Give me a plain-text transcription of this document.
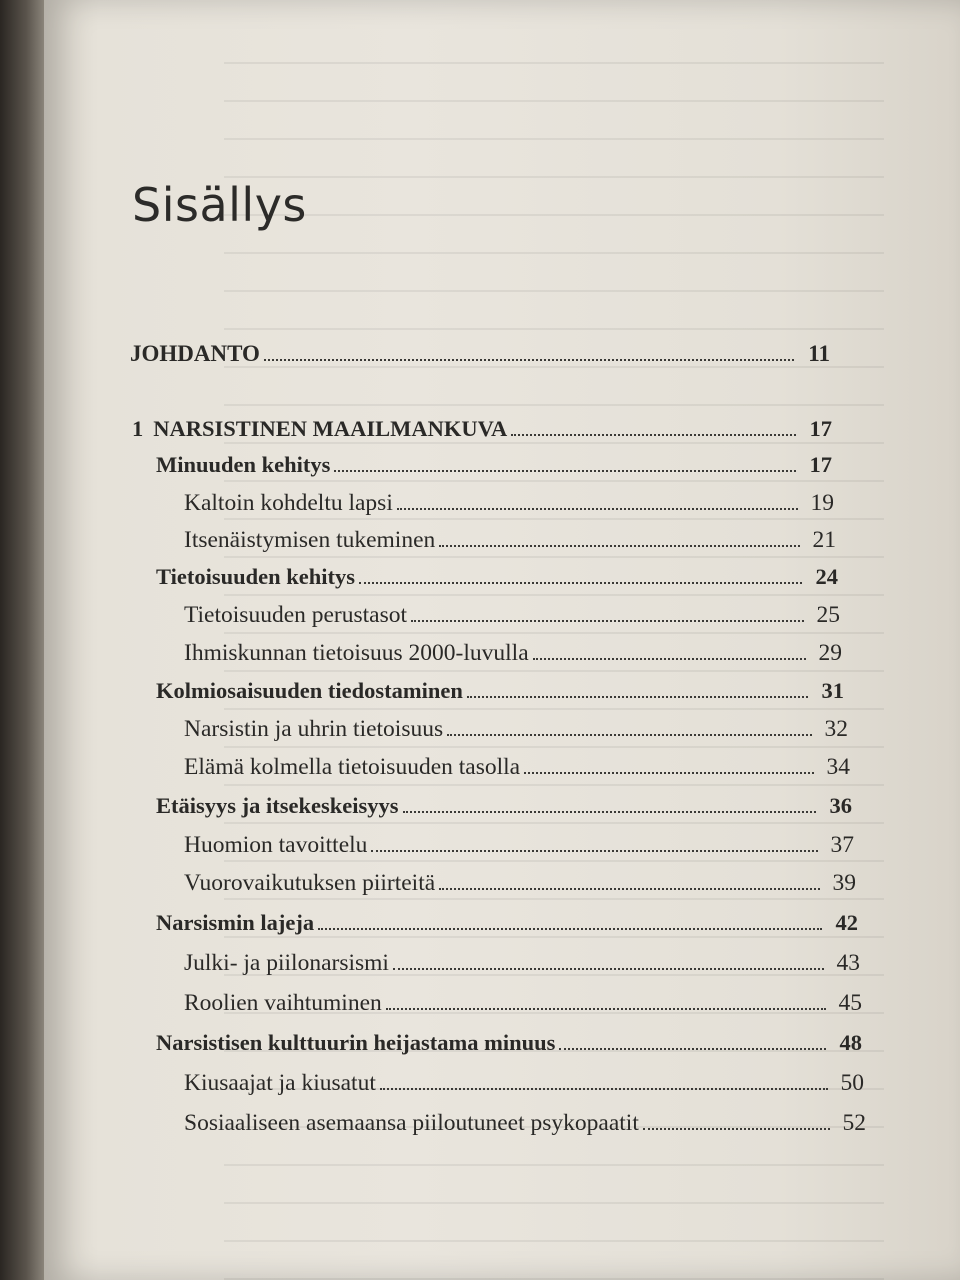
Sisällys
JOHDANTO	11
1 NARSISTINEN MAAILMANKUVA	17
Minuuden kehitys	17
Kaltoin kohdeltu lapsi	19
Itsenäistymisen tukeminen	21
Tietoisuuden kehitys	24
Tietoisuuden perustasot	25
Ihmiskunnan tietoisuus 2000-luvulla	29
Kolmiosaisuuden tiedostaminen	31
Narsistin ja uhrin tietoisuus	32
Elämä kolmella tietoisuuden tasolla	34
Etäisyys ja itsekeskeisyys	36
Huomion tavoittelu	37
Vuorovaikutuksen piirteitä	39
Narsismin lajeja	42
Julki- ja piilonarsismi	43
Roolien vaihtuminen	45
Narsistisen kulttuurin heijastama minuus	48
Kiusaajat ja kiusatut	50
Sosiaaliseen asemaansa piiloutuneet psykopaatit	52
